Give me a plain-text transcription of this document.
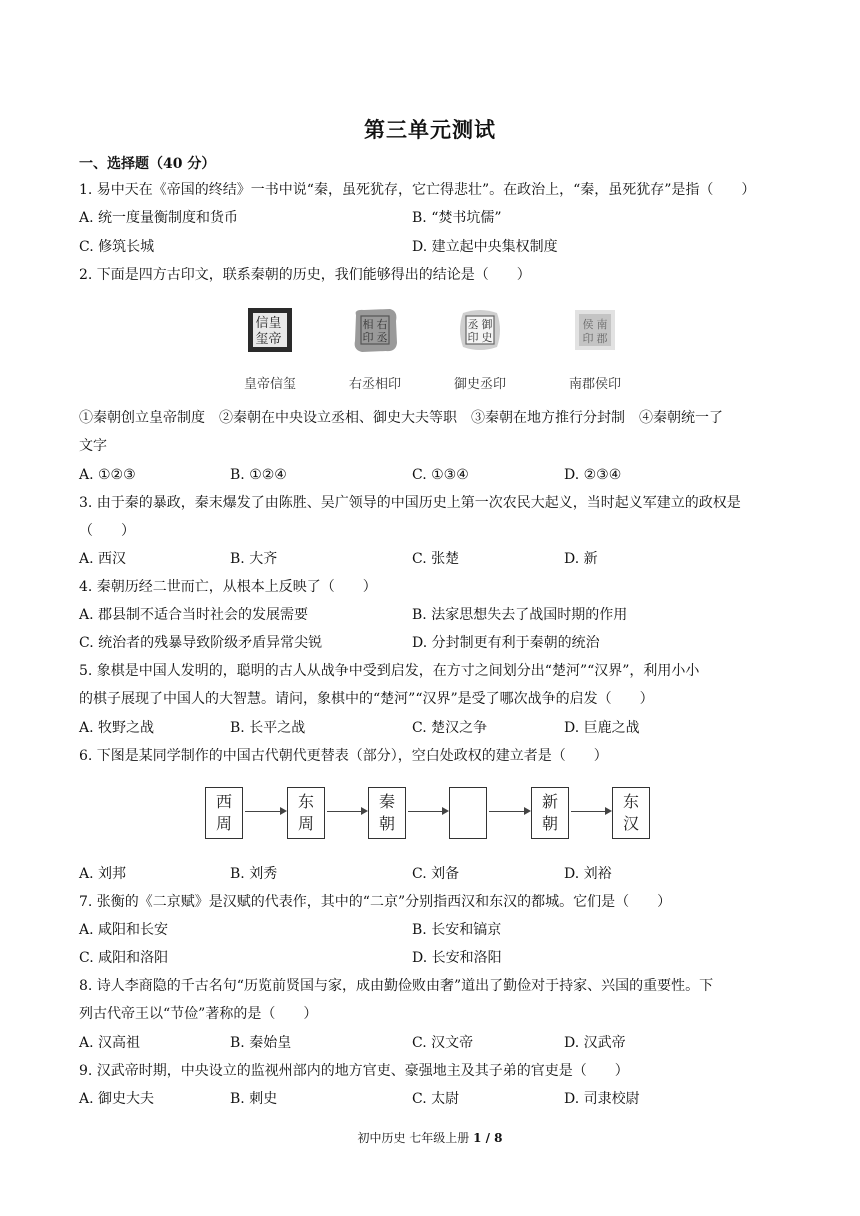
第三单元测试
一、选择题（40 分）
1. 易中天在《帝国的终结》一书中说“秦，虽死犹存，它亡得悲壮”。在政治上，“秦，虽死犹存”是指（　　）
A. 统一度量衡制度和货币	B. “焚书坑儒”
C. 修筑长城	D. 建立起中央集权制度
2. 下面是四方古印文，联系秦朝的历史，我们能够得出的结论是（　　）
皇
帝
信
玺
皇帝信玺
右
丞
相
印
右丞相印
御
史
丞
印
御史丞印
南
郡
侯
印
南郡侯印
①秦朝创立皇帝制度　②秦朝在中央设立丞相、御史大夫等职　③秦朝在地方推行分封制　④秦朝统一了
文字
A. ①②③	B. ①②④	C. ①③④	D. ②③④
3. 由于秦的暴政，秦末爆发了由陈胜、吴广领导的中国历史上第一次农民大起义，当时起义军建立的政权是
（　　）
A. 西汉	B. 大齐	C. 张楚	D. 新
4. 秦朝历经二世而亡，从根本上反映了（　　）
A. 郡县制不适合当时社会的发展需要	B. 法家思想失去了战国时期的作用
C. 统治者的残暴导致阶级矛盾异常尖锐	D. 分封制更有利于秦朝的统治
5. 象棋是中国人发明的，聪明的古人从战争中受到启发，在方寸之间划分出“楚河”“汉界”，利用小小
的棋子展现了中国人的大智慧。请问，象棋中的“楚河”“汉界”是受了哪次战争的启发（　　）
A. 牧野之战	B. 长平之战	C. 楚汉之争	D. 巨鹿之战
6. 下图是某同学制作的中国古代朝代更替表（部分），空白处政权的建立者是（　　）
西
周
东
周
秦
朝
新
朝
东
汉
A. 刘邦	B. 刘秀	C. 刘备	D. 刘裕
7. 张衡的《二京赋》是汉赋的代表作，其中的“二京”分别指西汉和东汉的都城。它们是（　　）
A. 咸阳和长安	B. 长安和镐京
C. 咸阳和洛阳	D. 长安和洛阳
8. 诗人李商隐的千古名句“历览前贤国与家，成由勤俭败由奢”道出了勤俭对于持家、兴国的重要性。下
列古代帝王以“节俭”著称的是（　　）
A. 汉高祖	B. 秦始皇	C. 汉文帝	D. 汉武帝
9. 汉武帝时期，中央设立的监视州部内的地方官吏、豪强地主及其子弟的官吏是（　　）
A. 御史大夫	B. 刺史	C. 太尉	D. 司隶校尉
初中历史 七年级上册 1 / 8
